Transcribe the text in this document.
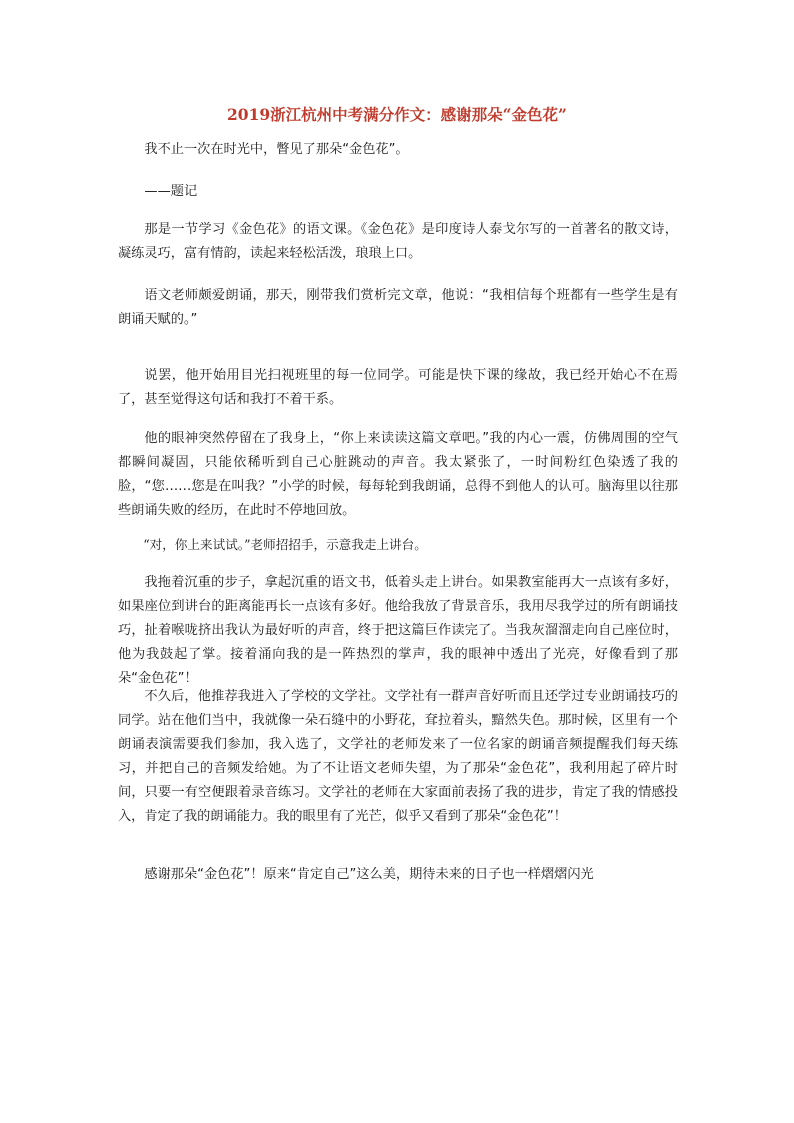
2019浙江杭州中考满分作文：感谢那朵“金色花”

我不止一次在时光中，瞥见了那朵“金色花”。

——题记

那是一节学习《金色花》的语文课。《金色花》是印度诗人泰戈尔写的一首著名的散文诗，凝练灵巧，富有情韵，读起来轻松活泼，琅琅上口。

语文老师颇爱朗诵，那天，刚带我们赏析完文章，他说：“我相信每个班都有一些学生是有朗诵天赋的。”

说罢，他开始用目光扫视班里的每一位同学。可能是快下课的缘故，我已经开始心不在焉了，甚至觉得这句话和我打不着干系。

他的眼神突然停留在了我身上，“你上来读读这篇文章吧。”我的内心一震，仿佛周围的空气都瞬间凝固，只能依稀听到自己心脏跳动的声音。我太紧张了，一时间粉红色染透了我的脸，“您……您是在叫我？”小学的时候，每每轮到我朗诵，总得不到他人的认可。脑海里以往那些朗诵失败的经历，在此时不停地回放。

“对，你上来试试。”老师招招手，示意我走上讲台。

我拖着沉重的步子，拿起沉重的语文书，低着头走上讲台。如果教室能再大一点该有多好，如果座位到讲台的距离能再长一点该有多好。他给我放了背景音乐，我用尽我学过的所有朗诵技巧，扯着喉咙挤出我认为最好听的声音，终于把这篇巨作读完了。当我灰溜溜走向自己座位时，他为我鼓起了掌。接着涌向我的是一阵热烈的掌声，我的眼神中透出了光亮，好像看到了那朵“金色花”！

不久后，他推荐我进入了学校的文学社。文学社有一群声音好听而且还学过专业朗诵技巧的同学。站在他们当中，我就像一朵石缝中的小野花，耷拉着头，黯然失色。那时候，区里有一个朗诵表演需要我们参加，我入选了，文学社的老师发来了一位名家的朗诵音频提醒我们每天练习，并把自己的音频发给她。为了不让语文老师失望，为了那朵“金色花”，我利用起了碎片时间，只要一有空便跟着录音练习。文学社的老师在大家面前表扬了我的进步，肯定了我的情感投入，肯定了我的朗诵能力。我的眼里有了光芒，似乎又看到了那朵“金色花”！

感谢那朵“金色花”！原来“肯定自己”这么美，期待未来的日子也一样熠熠闪光
